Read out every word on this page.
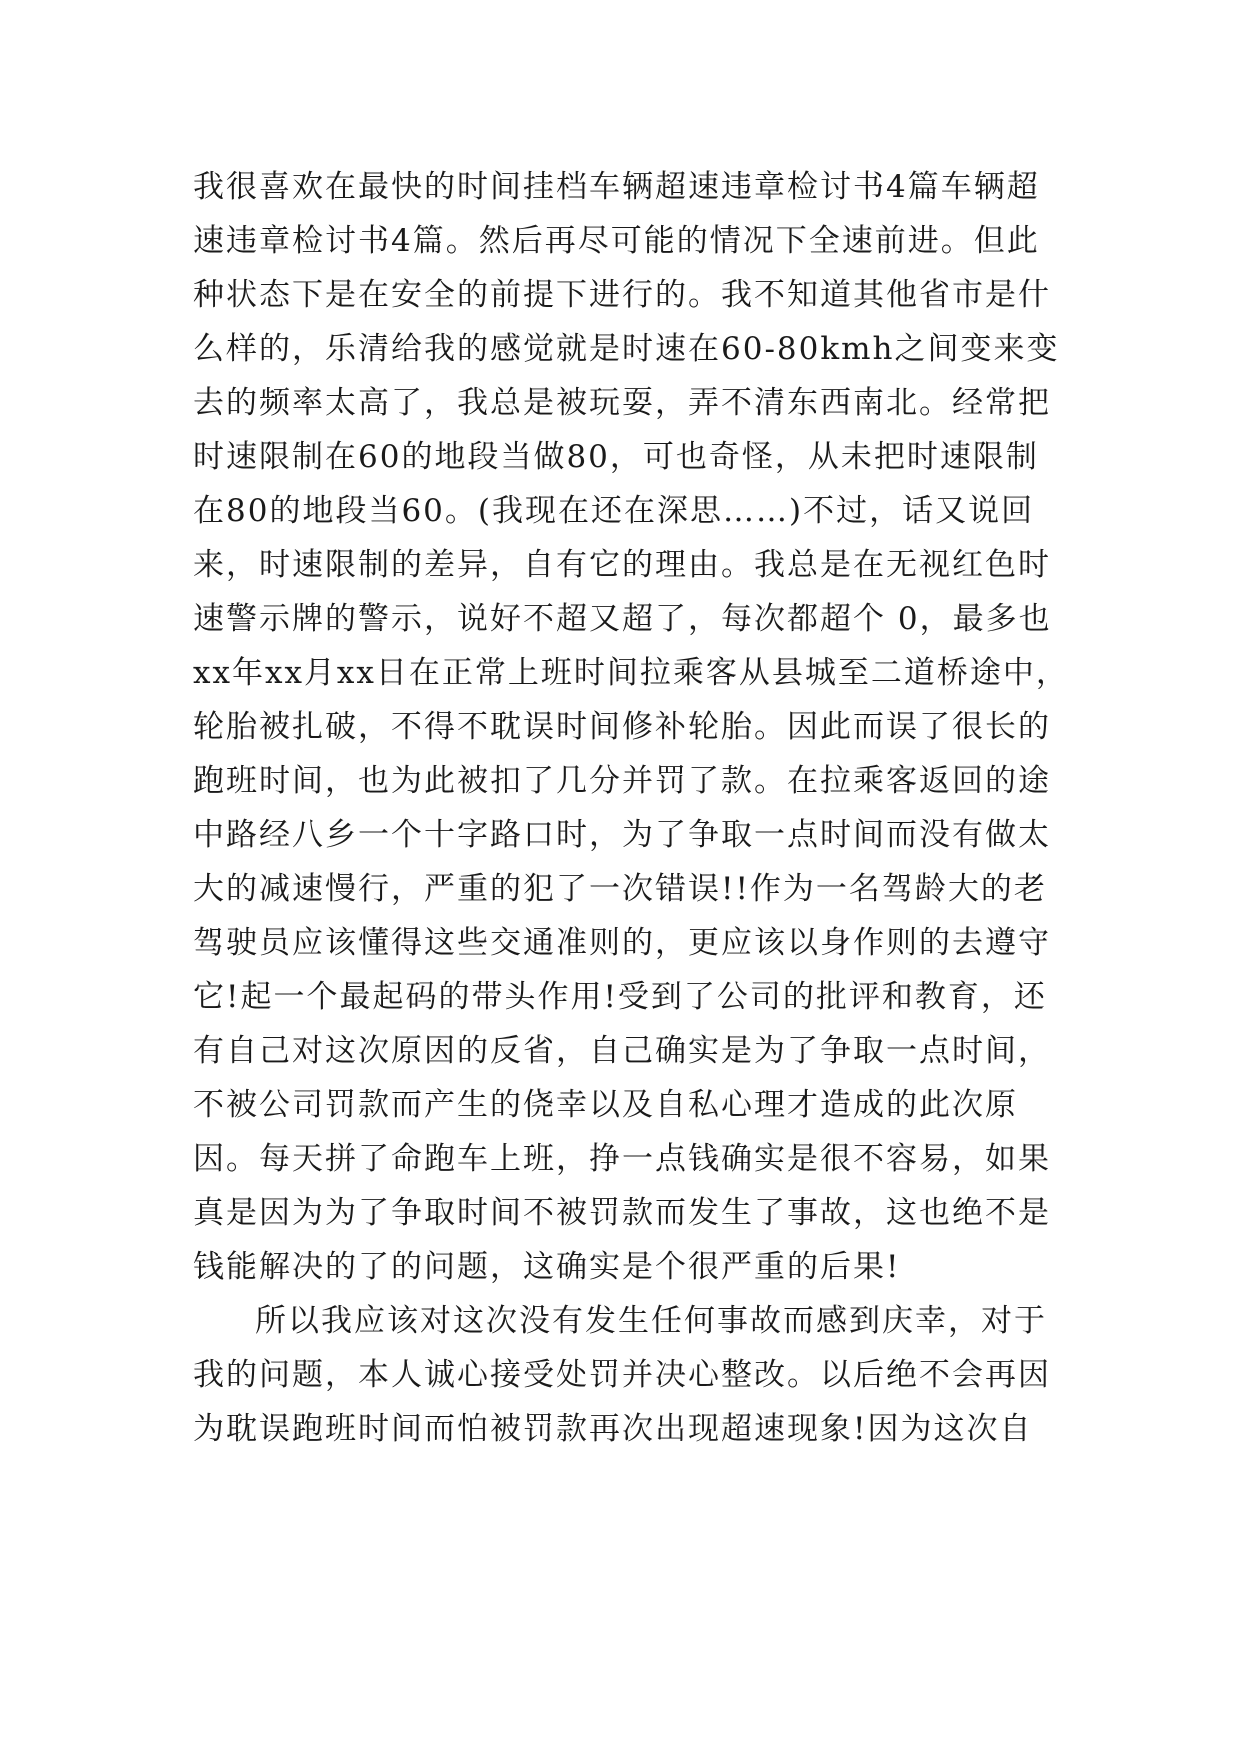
我很喜欢在最快的时间挂档车辆超速违章检讨书4篇车辆超
速违章检讨书4篇。然后再尽可能的情况下全速前进。但此
种状态下是在安全的前提下进行的。我不知道其他省市是什
么样的，乐清给我的感觉就是时速在60-80kmh之间变来变
去的频率太高了，我总是被玩耍，弄不清东西南北。经常把
时速限制在60的地段当做80，可也奇怪，从未把时速限制
在80的地段当60。(我现在还在深思……)不过，话又说回
来，时速限制的差异，自有它的理由。我总是在无视红色时
速警示牌的警示，说好不超又超了，每次都超个 0，最多也
xx年xx月xx日在正常上班时间拉乘客从县城至二道桥途中，
轮胎被扎破，不得不耽误时间修补轮胎。因此而误了很长的
跑班时间，也为此被扣了几分并罚了款。在拉乘客返回的途
中路经八乡一个十字路口时，为了争取一点时间而没有做太
大的减速慢行，严重的犯了一次错误!!作为一名驾龄大的老
驾驶员应该懂得这些交通准则的，更应该以身作则的去遵守
它!起一个最起码的带头作用!受到了公司的批评和教育，还
有自己对这次原因的反省，自己确实是为了争取一点时间，
不被公司罚款而产生的侥幸以及自私心理才造成的此次原
因。每天拼了命跑车上班，挣一点钱确实是很不容易，如果
真是因为为了争取时间不被罚款而发生了事故，这也绝不是
钱能解决的了的问题，这确实是个很严重的后果!
所以我应该对这次没有发生任何事故而感到庆幸，对于
我的问题，本人诚心接受处罚并决心整改。以后绝不会再因
为耽误跑班时间而怕被罚款再次出现超速现象!因为这次自
